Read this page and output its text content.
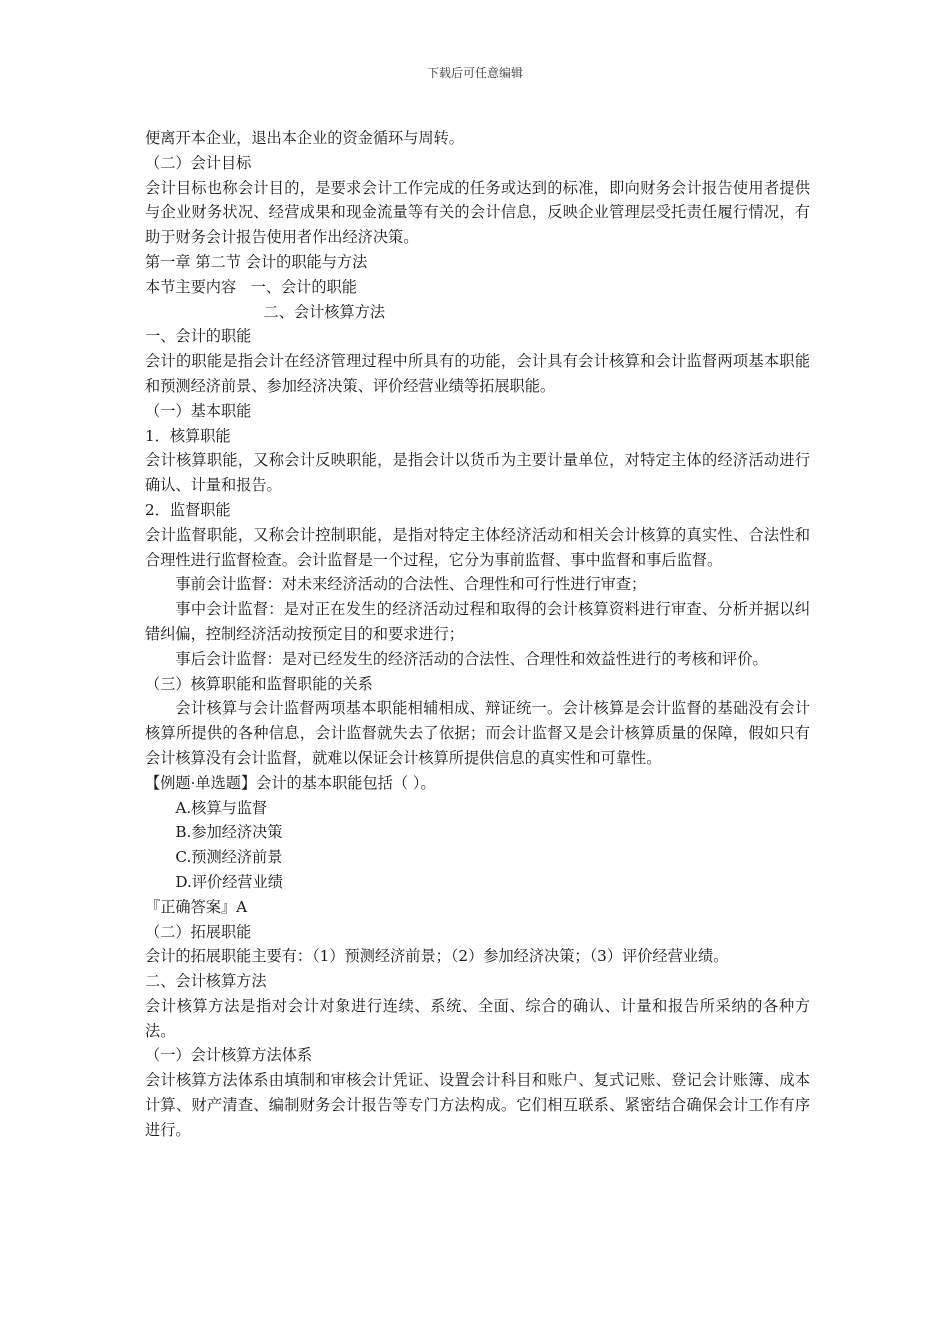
下载后可任意编辑

便离开本企业，退出本企业的资金循环与周转。

（二）会计目标

会计目标也称会计目的，是要求会计工作完成的任务或达到的标准，即向财务会计报告使用者提供与企业财务状况、经营成果和现金流量等有关的会计信息，反映企业管理层受托责任履行情况，有助于财务会计报告使用者作出经济决策。

第一章 第二节 会计的职能与方法

本节主要内容   一、会计的职能

二、会计核算方法

一、会计的职能

会计的职能是指会计在经济管理过程中所具有的功能，会计具有会计核算和会计监督两项基本职能和预测经济前景、参加经济决策、评价经营业绩等拓展职能。

（一）基本职能

1．核算职能

会计核算职能，又称会计反映职能，是指会计以货币为主要计量单位，对特定主体的经济活动进行确认、计量和报告。

2．监督职能

会计监督职能，又称会计控制职能，是指对特定主体经济活动和相关会计核算的真实性、合法性和合理性进行监督检查。会计监督是一个过程，它分为事前监督、事中监督和事后监督。

事前会计监督：对未来经济活动的合法性、合理性和可行性进行审查；

事中会计监督：是对正在发生的经济活动过程和取得的会计核算资料进行审查、分析并据以纠错纠偏，控制经济活动按预定目的和要求进行；

事后会计监督：是对已经发生的经济活动的合法性、合理性和效益性进行的考核和评价。

（三）核算职能和监督职能的关系

会计核算与会计监督两项基本职能相辅相成、辩证统一。会计核算是会计监督的基础没有会计核算所提供的各种信息，会计监督就失去了依据；而会计监督又是会计核算质量的保障，假如只有会计核算没有会计监督，就难以保证会计核算所提供信息的真实性和可靠性。

【例题·单选题】会计的基本职能包括（ ）。

A.核算与监督

B.参加经济决策

C.预测经济前景

D.评价经营业绩

『正确答案』A

（二）拓展职能

会计的拓展职能主要有：（1）预测经济前景；（2）参加经济决策；（3）评价经营业绩。

二、会计核算方法

会计核算方法是指对会计对象进行连续、系统、全面、综合的确认、计量和报告所采纳的各种方法。

（一）会计核算方法体系

会计核算方法体系由填制和审核会计凭证、设置会计科目和账户、复式记账、登记会计账簿、成本计算、财产清查、编制财务会计报告等专门方法构成。它们相互联系、紧密结合确保会计工作有序进行。
